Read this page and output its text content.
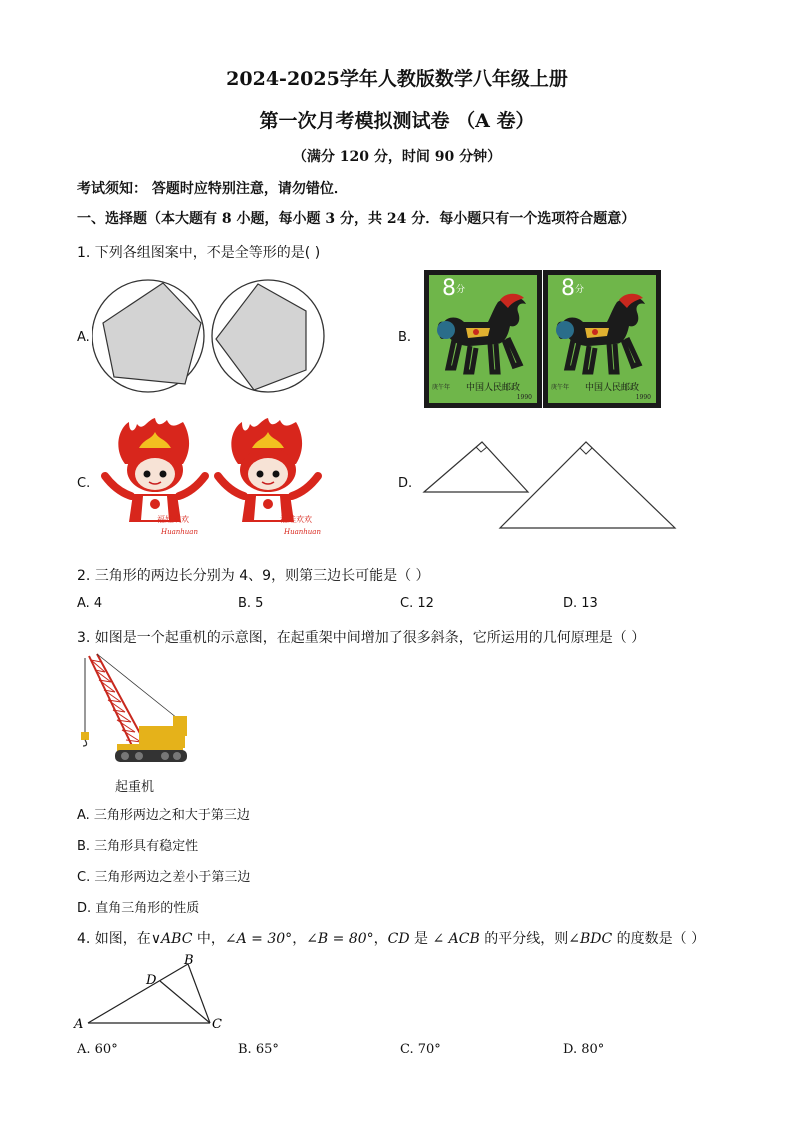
2024-2025学年人教版数学八年级上册
第一次月考模拟测试卷 （A 卷）
（满分 120 分，时间 90 分钟）
考试须知： 答题时应特别注意，请勿错位．
一、选择题（本大题有 8 小题，每小题 3 分，共 24 分．每小题只有一个选项符合题意）
1. 下列各组图案中，不是全等形的是( )
A.	B.
8 分
庚午年 中国人民邮政
1990
8 分
庚午年 中国人民邮政
1990
C.
福娃欢欢
Huanhuan
福娃欢欢
Huanhuan
D.
2. 三角形的两边长分别为 4、9，则第三边长可能是（ ）
A. 4	B. 5	C. 12	D. 13
3. 如图是一个起重机的示意图，在起重架中间增加了很多斜条，它所运用的几何原理是（ ）
起重机
A. 三角形两边之和大于第三边
B. 三角形具有稳定性
C. 三角形两边之差小于第三边
D. 直角三角形的性质
4. 如图，在∨ABC 中，∠A = 30°，∠B = 80°，CD 是 ∠ ACB 的平分线，则∠BDC 的度数是（ ）
A
B
C
D
A. 60°	B. 65°	C. 70°	D. 80°
